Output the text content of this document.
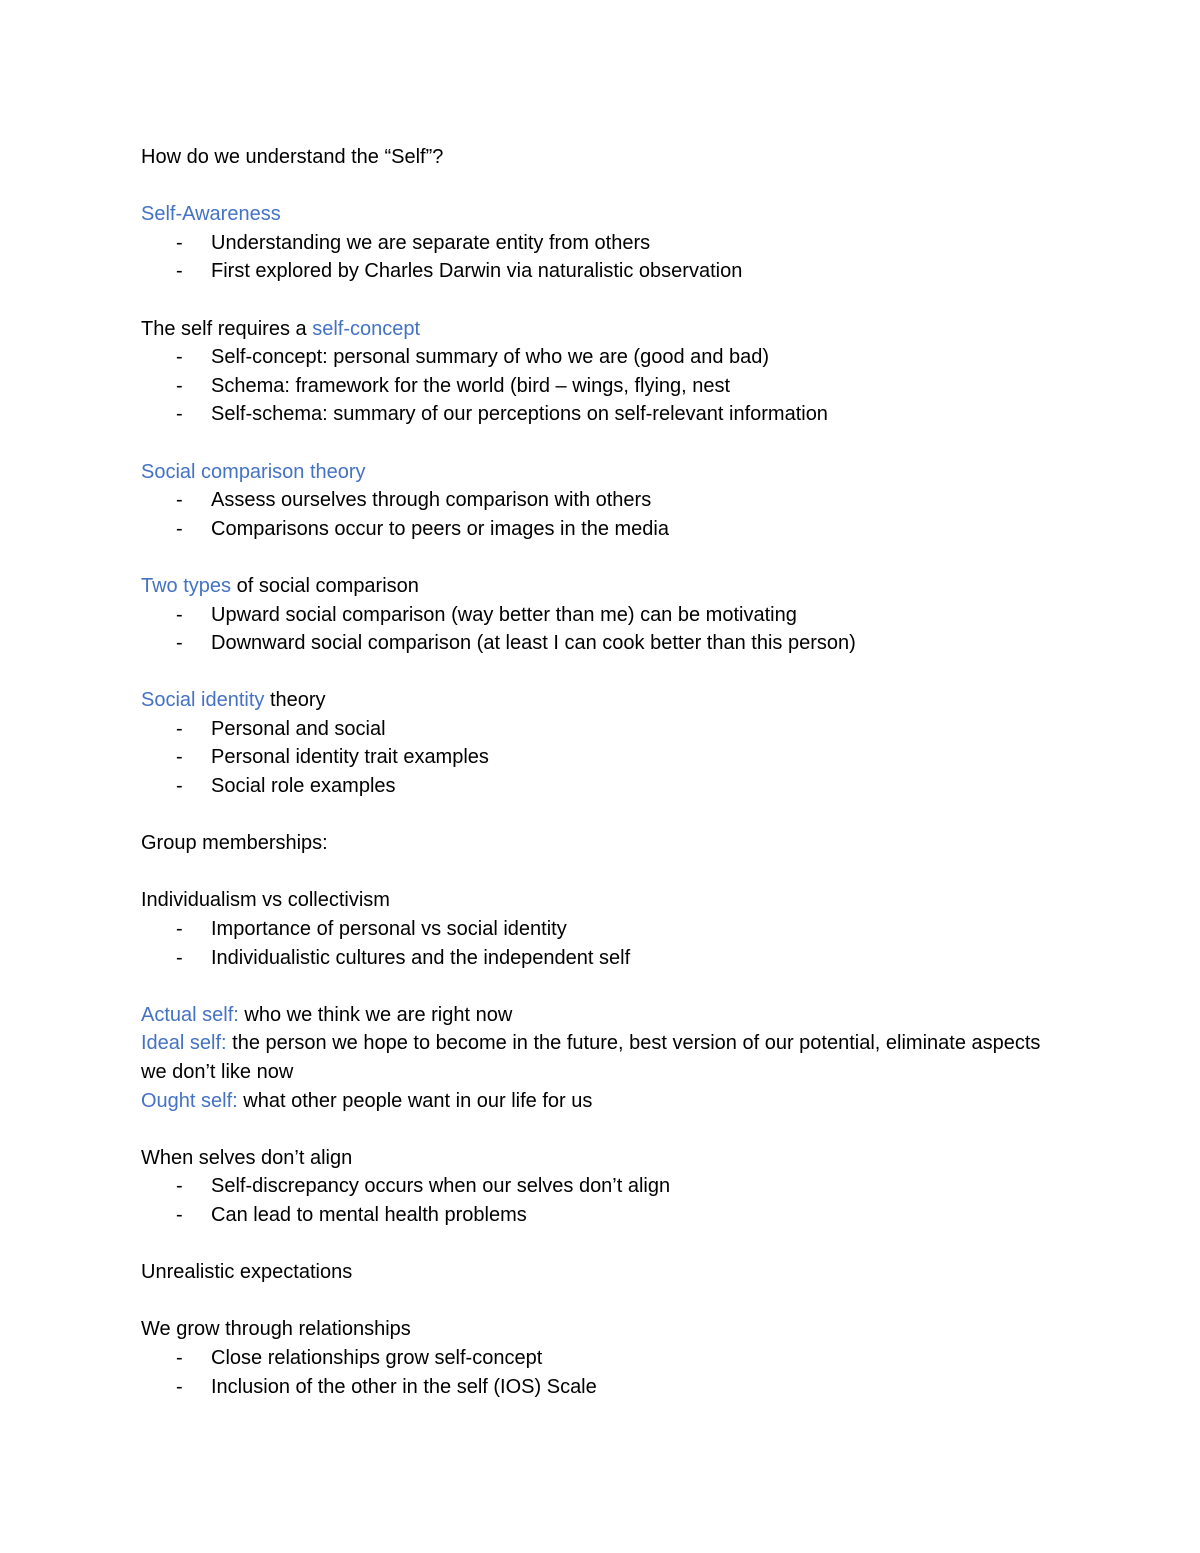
How do we understand the “Self”?
Self-Awareness
- Understanding we are separate entity from others
- First explored by Charles Darwin via naturalistic observation
The self requires a self-concept
- Self-concept: personal summary of who we are (good and bad)
- Schema: framework for the world (bird – wings, flying, nest
- Self-schema: summary of our perceptions on self-relevant information
Social comparison theory
- Assess ourselves through comparison with others
- Comparisons occur to peers or images in the media
Two types of social comparison
- Upward social comparison (way better than me) can be motivating
- Downward social comparison (at least I can cook better than this person)
Social identity theory
- Personal and social
- Personal identity trait examples
- Social role examples
Group memberships:
Individualism vs collectivism
- Importance of personal vs social identity
- Individualistic cultures and the independent self
Actual self: who we think we are right now
Ideal self: the person we hope to become in the future, best version of our potential, eliminate aspects we don’t like now
Ought self: what other people want in our life for us
When selves don’t align
- Self-discrepancy occurs when our selves don’t align
- Can lead to mental health problems
Unrealistic expectations
We grow through relationships
- Close relationships grow self-concept
- Inclusion of the other in the self (IOS) Scale
